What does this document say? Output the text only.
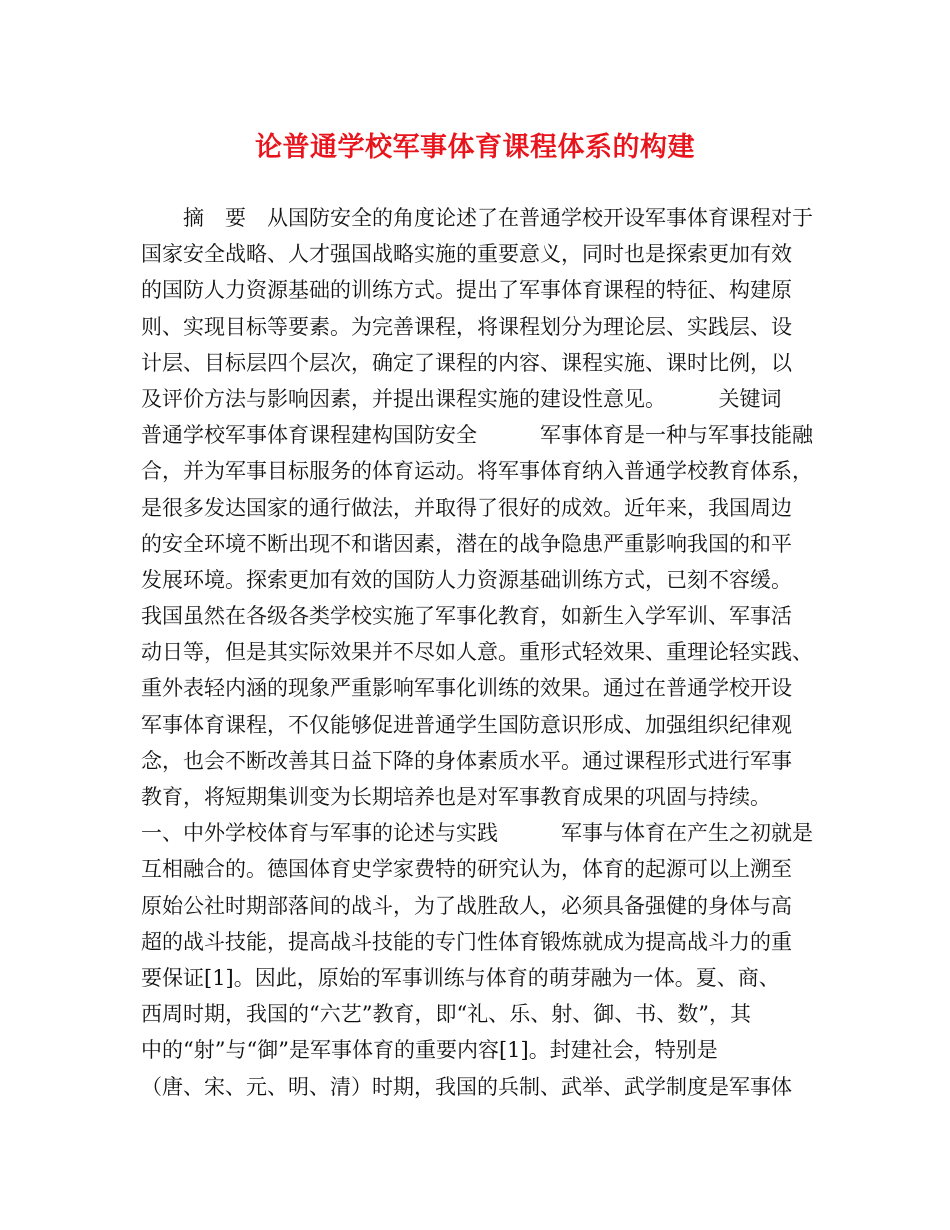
论普通学校军事体育课程体系的构建
　　摘　要　从国防安全的角度论述了在普通学校开设军事体育课程对于
国家安全战略、人才强国战略实施的重要意义，同时也是探索更加有效
的国防人力资源基础的训练方式。提出了军事体育课程的特征、构建原
则、实现目标等要素。为完善课程，将课程划分为理论层、实践层、设
计层、目标层四个层次，确定了课程的内容、课程实施、课时比例，以
及评价方法与影响因素，并提出课程实施的建设性意见。　　　关键词
普通学校军事体育课程建构国防安全　　　军事体育是一种与军事技能融
合，并为军事目标服务的体育运动。将军事体育纳入普通学校教育体系，
是很多发达国家的通行做法，并取得了很好的成效。近年来，我国周边
的安全环境不断出现不和谐因素，潜在的战争隐患严重影响我国的和平
发展环境。探索更加有效的国防人力资源基础训练方式，已刻不容缓。
我国虽然在各级各类学校实施了军事化教育，如新生入学军训、军事活
动日等，但是其实际效果并不尽如人意。重形式轻效果、重理论轻实践、
重外表轻内涵的现象严重影响军事化训练的效果。通过在普通学校开设
军事体育课程，不仅能够促进普通学生国防意识形成、加强组织纪律观
念，也会不断改善其日益下降的身体素质水平。通过课程形式进行军事
教育，将短期集训变为长期培养也是对军事教育成果的巩固与持续。
一、中外学校体育与军事的论述与实践　　　军事与体育在产生之初就是
互相融合的。德国体育史学家费特的研究认为，体育的起源可以上溯至
原始公社时期部落间的战斗，为了战胜敌人，必须具备强健的身体与高
超的战斗技能，提高战斗技能的专门性体育锻炼就成为提高战斗力的重
要保证[1]。因此，原始的军事训练与体育的萌芽融为一体。夏、商、
西周时期，我国的“六艺”教育，即“礼、乐、射、御、书、数”，其
中的“射”与“御”是军事体育的重要内容[1]。封建社会，特别是
（唐、宋、元、明、清）时期，我国的兵制、武举、武学制度是军事体
